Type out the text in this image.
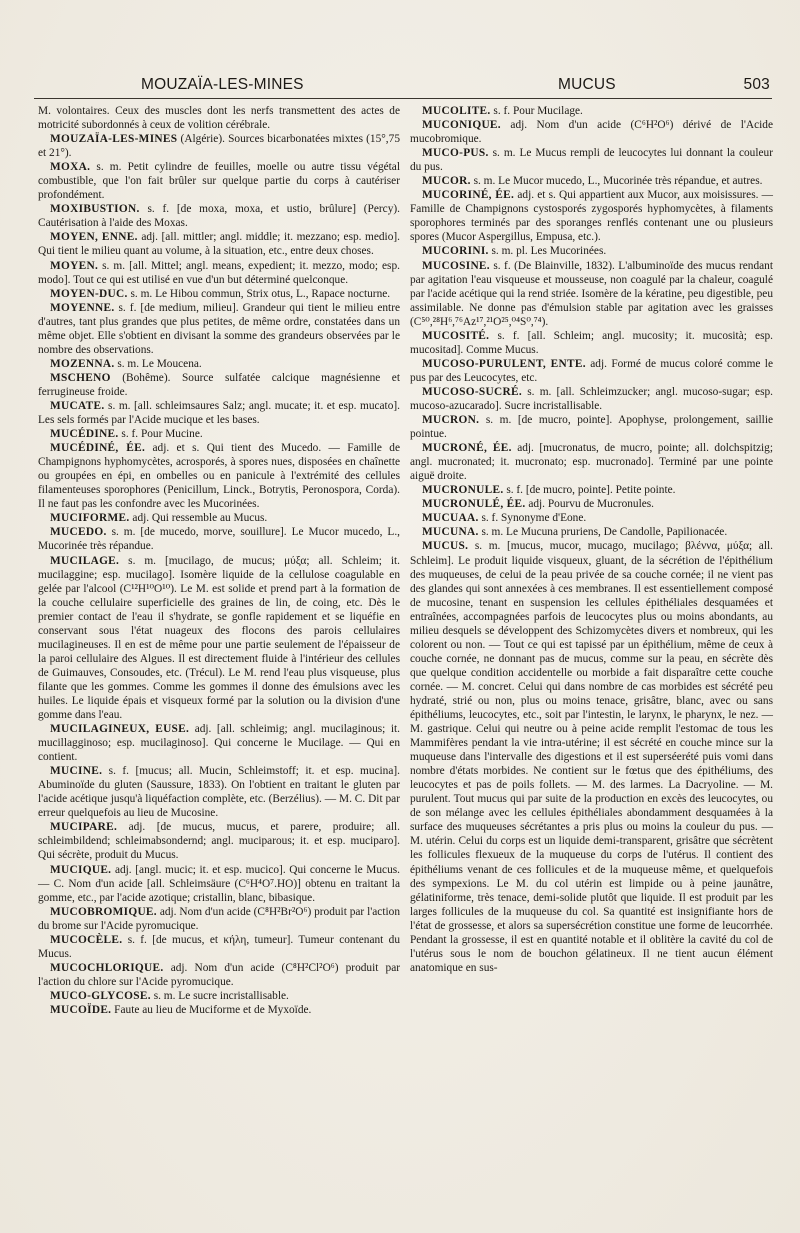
MOUZAÏA-LES-MINES	MUCUS	503

M. volontaires. Ceux des muscles dont les nerfs transmettent des actes de motricité subordonnés à ceux de volition cérébrale.

MOUZAÏA-LES-MINES (Algérie). Sources bicarbonatées mixtes (15°,75 et 21°).

MOXA. s. m. Petit cylindre de feuilles, moelle ou autre tissu végétal combustible, que l'on fait brûler sur quelque partie du corps à cautériser profondément.

MOXIBUSTION. s. f. [de moxa, moxa, et ustio, brûlure] (Percy). Cautérisation à l'aide des Moxas.

MOYEN, ENNE. adj. [all. mittler; angl. middle; it. mezzano; esp. medio]. Qui tient le milieu quant au volume, à la situation, etc., entre deux choses.

MOYEN. s. m. [all. Mittel; angl. means, expedient; it. mezzo, modo; esp. modo]. Tout ce qui est utilisé en vue d'un but déterminé quelconque.

MOYEN-DUC. s. m. Le Hibou commun, Strix otus, L., Rapace nocturne.

MOYENNE. s. f. [de medium, milieu]. Grandeur qui tient le milieu entre d'autres, tant plus grandes que plus petites, de même ordre, constatées dans un même objet. Elle s'obtient en divisant la somme des grandeurs observées par le nombre des observations.

MOZENNA. s. m. Le Moucena.

MSCHENO (Bohême). Source sulfatée calcique magnésienne et ferrugineuse froide.

MUCATE. s. m. [all. schleimsaures Salz; angl. mucate; it. et esp. mucato]. Les sels formés par l'Acide mucique et les bases.

MUCÉDINE. s. f. Pour Mucine.

MUCÉDINÉ, ÉE. adj. et s. Qui tient des Mucedo. — Famille de Champignons hyphomycètes, acrosporés, à spores nues, disposées en chaînette ou groupées en épi, en ombelles ou en panicule à l'extrémité des cellules filamenteuses sporophores (Penicillum, Linck., Botrytis, Peronospora, Corda). Il ne faut pas les confondre avec les Mucorinées.

MUCIFORME. adj. Qui ressemble au Mucus.

MUCEDO. s. m. [de mucedo, morve, souillure]. Le Mucor mucedo, L., Mucorinée très répandue.

MUCILAGE. s. m. [mucilago, de mucus; μύξα; all. Schleim; it. mucilaggine; esp. mucilago]. Isomère liquide de la cellulose coagulable en gelée par l'alcool (C¹²H¹⁰O¹⁰). Le M. est solide et prend part à la formation de la couche cellulaire superficielle des graines de lin, de coing, etc. Dès le premier contact de l'eau il s'hydrate, se gonfle rapidement et se liquéfie en conservant sous l'état nuageux des flocons des parois cellulaires mucilagineuses. Il en est de même pour une partie seulement de l'épaisseur de la paroi cellulaire des Algues. Il est directement fluide à l'intérieur des cellules de Guimauves, Consoudes, etc. (Trécul). Le M. rend l'eau plus visqueuse, plus filante que les gommes. Comme les gommes il donne des émulsions avec les huiles. Le liquide épais et visqueux formé par la solution ou la division d'une gomme dans l'eau.

MUCILAGINEUX, EUSE. adj. [all. schleimig; angl. mucilaginous; it. mucillagginoso; esp. mucilaginoso]. Qui concerne le Mucilage. — Qui en contient.

MUCINE. s. f. [mucus; all. Mucin, Schleimstoff; it. et esp. mucina]. Abuminoïde du gluten (Saussure, 1833). On l'obtient en traitant le gluten par l'acide acétique jusqu'à liquéfaction complète, etc. (Berzélius). — M. C. Dit par erreur quelquefois au lieu de Mucosine.

MUCIPARE. adj. [de mucus, mucus, et parere, produire; all. schleimbildend; schleimabsondernd; angl. muciparous; it. et esp. muciparo]. Qui sécrète, produit du Mucus.

MUCIQUE. adj. [angl. mucic; it. et esp. mucico]. Qui concerne le Mucus. — C. Nom d'un acide [all. Schleimsäure (C⁶H⁴O⁷.HO)] obtenu en traitant la gomme, etc., par l'acide azotique; cristallin, blanc, bibasique.

MUCOBROMIQUE. adj. Nom d'un acide (C⁸H²Br²O⁶) produit par l'action du brome sur l'Acide pyromucique.

MUCOCÈLE. s. f. [de mucus, et κήλη, tumeur]. Tumeur contenant du Mucus.

MUCOCHLORIQUE. adj. Nom d'un acide (C⁸H²Cl²O⁶) produit par l'action du chlore sur l'Acide pyromucique.

MUCO-GLYCOSE. s. m. Le sucre incristallisable.

MUCOÏDE. Faute au lieu de Muciforme et de Myxoïde.

MUCOLITE. s. f. Pour Mucilage.

MUCONIQUE. adj. Nom d'un acide (C⁶H²O⁶) dérivé de l'Acide mucobromique.

MUCO-PUS. s. m. Le Mucus rempli de leucocytes lui donnant la couleur du pus.

MUCOR. s. m. Le Mucor mucedo, L., Mucorinée très répandue, et autres.

MUCORINÉ, ÉE. adj. et s. Qui appartient aux Mucor, aux moisissures. — Famille de Champignons cystosporés zygosporés hyphomycètes, à filaments sporophores terminés par des sporanges renflés contenant une ou plusieurs spores (Mucor Aspergillus, Empusa, etc.).

MUCORINI. s. m. pl. Les Mucorinées.

MUCOSINE. s. f. (De Blainville, 1832). L'albuminoïde des mucus rendant par agitation l'eau visqueuse et mousseuse, non coagulé par la chaleur, coagulé par l'acide acétique qui la rend striée. Isomère de la kératine, peu digestible, peu assimilable. Ne donne pas d'émulsion stable par agitation avec les graisses (C⁵⁰,²⁸H⁶,⁷⁶Az¹⁷,²¹O²⁵,⁰⁴S⁰,⁷⁴).

MUCOSITÉ. s. f. [all. Schleim; angl. mucosity; it. mucosità; esp. mucositad]. Comme Mucus.

MUCOSO-PURULENT, ENTE. adj. Formé de mucus coloré comme le pus par des Leucocytes, etc.

MUCOSO-SUCRÉ. s. m. [all. Schleimzucker; angl. mucoso-sugar; esp. mucoso-azucarado]. Sucre incristallisable.

MUCRON. s. m. [de mucro, pointe]. Apophyse, prolongement, saillie pointue.

MUCRONÉ, ÉE. adj. [mucronatus, de mucro, pointe; all. dolchspitzig; angl. mucronated; it. mucronato; esp. mucronado]. Terminé par une pointe aiguë droite.

MUCRONULE. s. f. [de mucro, pointe]. Petite pointe.

MUCRONULÉ, ÉE. adj. Pourvu de Mucronules.

MUCUAA. s. f. Synonyme d'Eone.

MUCUNA. s. m. Le Mucuna pruriens, De Candolle, Papilionacée.

MUCUS. s. m. [mucus, mucor, mucago, mucilago; βλέννα, μύξα; all. Schleim]. Le produit liquide visqueux, gluant, de la sécrétion de l'épithélium des muqueuses, de celui de la peau privée de sa couche cornée; il ne vient pas des glandes qui sont annexées à ces membranes. Il est essentiellement composé de mucosine, tenant en suspension les cellules épithéliales desquamées et entraînées, accompagnées parfois de leucocytes plus ou moins abondants, au milieu desquels se développent des Schizomycètes divers et nombreux, qui les colorent ou non. — Tout ce qui est tapissé par un épithélium, même de ceux à couche cornée, ne donnant pas de mucus, comme sur la peau, en sécrète dès que quelque condition accidentelle ou morbide a fait disparaître cette couche cornée. — M. concret. Celui qui dans nombre de cas morbides est sécrété peu hydraté, strié ou non, plus ou moins tenace, grisâtre, blanc, avec ou sans épithéliums, leucocytes, etc., soit par l'intestin, le larynx, le pharynx, le nez. — M. gastrique. Celui qui neutre ou à peine acide remplit l'estomac de tous les Mammifères pendant la vie intra-utérine; il est sécrété en couche mince sur la muqueuse dans l'intervalle des digestions et il est superséerété puis vomi dans nombre d'états morbides. Ne contient sur le fœtus que des épithéliums, des leucocytes et pas de poils follets. — M. des larmes. La Dacryoline. — M. purulent. Tout mucus qui par suite de la production en excès des leucocytes, ou de son mélange avec les cellules épithéliales abondamment desquamées à la surface des muqueuses sécrétantes a pris plus ou moins la couleur du pus. — M. utérin. Celui du corps est un liquide demi-transparent, grisâtre que sécrètent les follicules flexueux de la muqueuse du corps de l'utérus. Il contient des épithéliums venant de ces follicules et de la muqueuse même, et quelquefois des sympexions. Le M. du col utérin est limpide ou à peine jaunâtre, gélatiniforme, très tenace, demi-solide plutôt que liquide. Il est produit par les larges follicules de la muqueuse du col. Sa quantité est insignifiante hors de l'état de grossesse, et alors sa supersécrétion constitue une forme de leucorrhée. Pendant la grossesse, il est en quantité notable et il oblitère la cavité du col de l'utérus sous le nom de bouchon gélatineux. Il ne tient aucun élément anatomique en sus-
